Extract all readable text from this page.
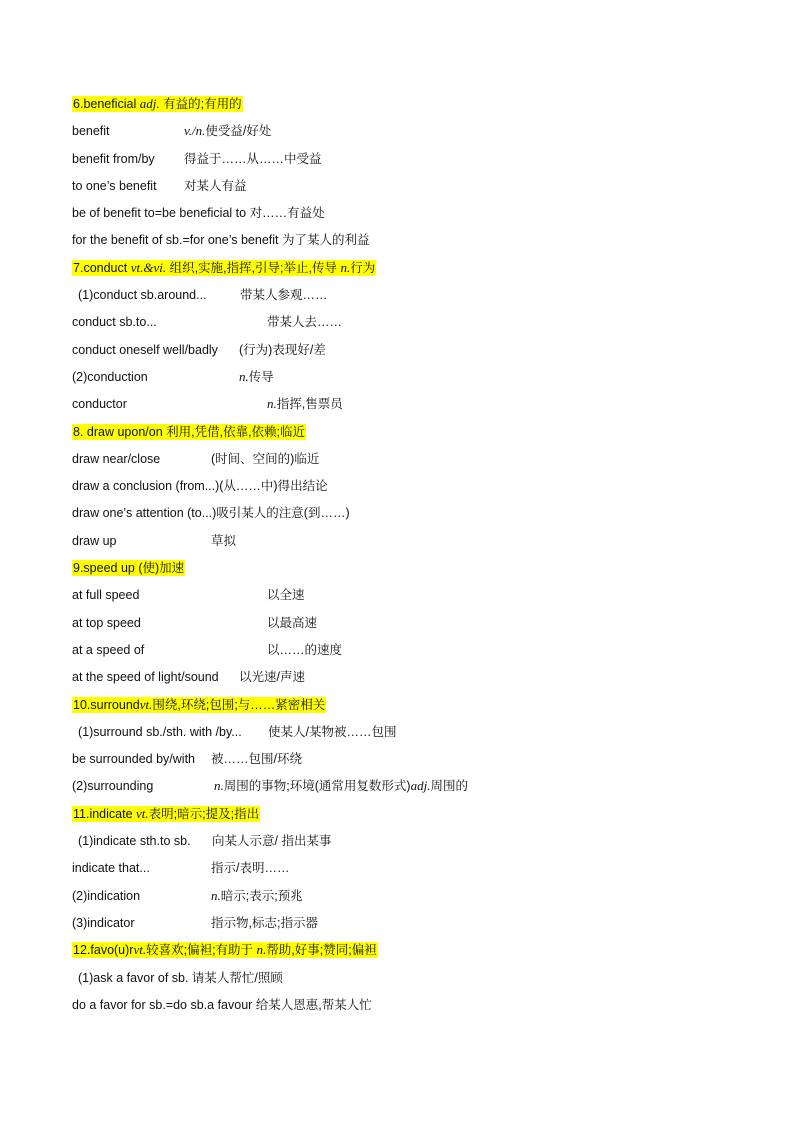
6.beneficial adj. 有益的;有用的
benefit	v./n.使受益/好处
benefit from/by 得益于……从……中受益
to one’s benefit 对某人有益
be of benefit to=be beneficial to 对……有益处
for the benefit of sb.=for one’s benefit 为了某人的利益
7.conduct vt.&vi. 组织,实施,指挥,引导;举止,传导 n.行为
(1)conduct sb.around...	带某人参观……
conduct sb.to...	带某人去……
conduct oneself well/badly (行为)表现好/差
(2)conduction	n.传导
conductor	n.指挥,售票员
8. draw upon/on 利用,凭借,依靠,依赖;临近
draw near/close	(时间、空间的)临近
draw a conclusion (from...)(从……中)得出结论
draw one’s attention (to...)吸引某人的注意(到……)
draw up	草拟
9.speed up (使)加速
at full speed	以全速
at top speed	以最高速
at a speed of	以……的速度
at the speed of light/sound 以光速/声速
10.surroundvt.围绕,环绕;包围;与……紧密相关
(1)surround sb./sth. with /by... 使某人/某物被……包围
be surrounded by/with 被……包围/环绕
(2)surrounding	n.周围的事物;环境(通常用复数形式)adj.周围的
11.indicate vt.表明;暗示;提及;指出
(1)indicate sth.to sb. 向某人示意/ 指出某事
indicate that...	指示/表明……
(2)indication	n.暗示;表示;预兆
(3)indicator	指示物,标志;指示器
12.favo(u)rvt.较喜欢;偏袒;有助于 n.帮助,好事;赞同;偏袒
(1)ask a favor of sb. 请某人帮忙/照顾
do a favor for sb.=do sb.a favour 给某人恩惠,帮某人忙
